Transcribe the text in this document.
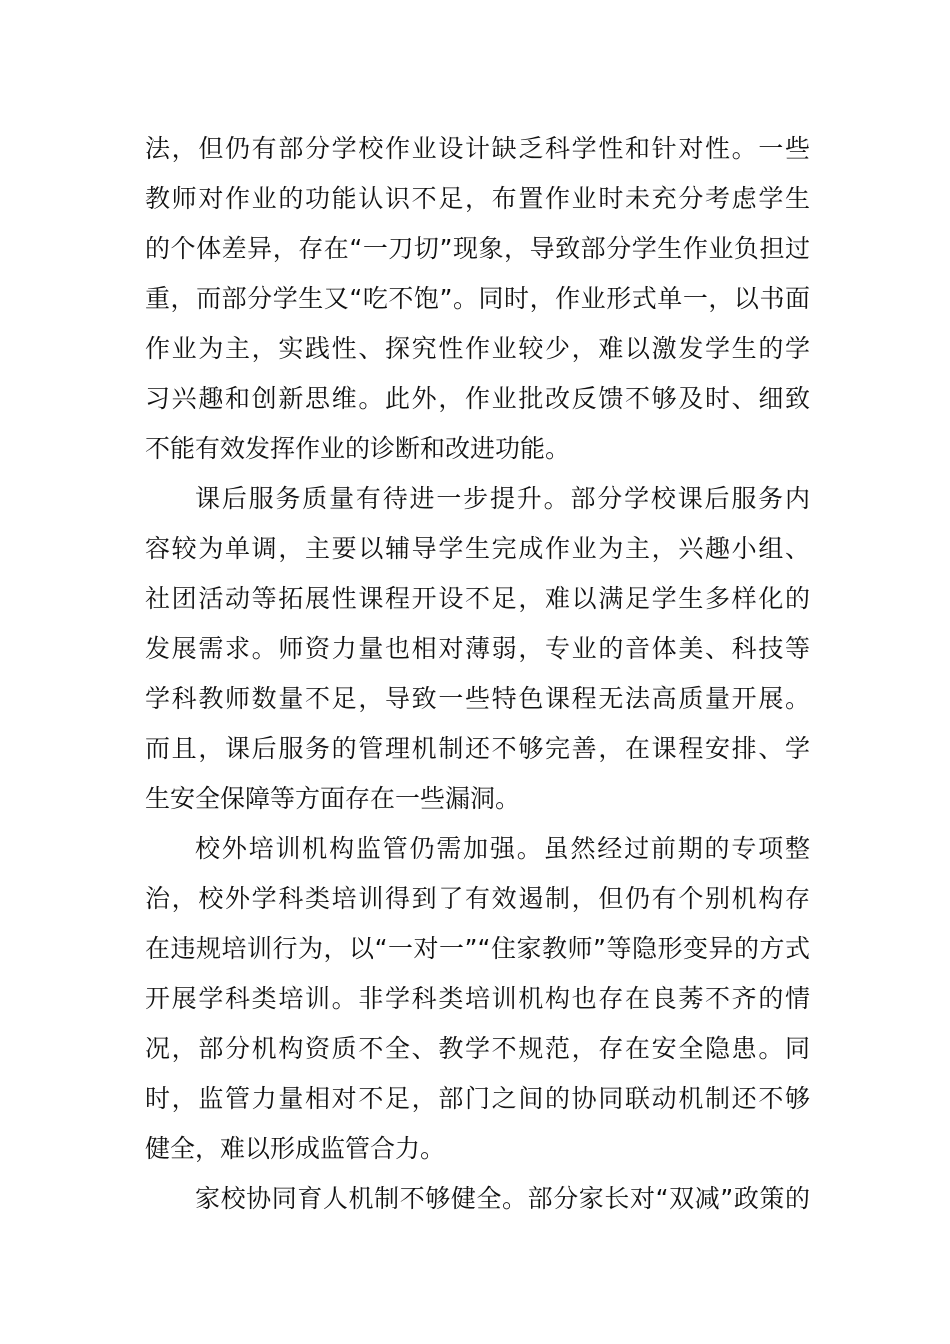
法，但仍有部分学校作业设计缺乏科学性和针对性。一些
教师对作业的功能认识不足，布置作业时未充分考虑学生
的个体差异，存在“一刀切”现象，导致部分学生作业负担过
重，而部分学生又“吃不饱”。同时，作业形式单一，以书面
作业为主，实践性、探究性作业较少，难以激发学生的学
习兴趣和创新思维。此外，作业批改反馈不够及时、细致
不能有效发挥作业的诊断和改进功能。
课后服务质量有待进一步提升。部分学校课后服务内
容较为单调，主要以辅导学生完成作业为主，兴趣小组、
社团活动等拓展性课程开设不足，难以满足学生多样化的
发展需求。师资力量也相对薄弱，专业的音体美、科技等
学科教师数量不足，导致一些特色课程无法高质量开展。
而且，课后服务的管理机制还不够完善，在课程安排、学
生安全保障等方面存在一些漏洞。
校外培训机构监管仍需加强。虽然经过前期的专项整
治，校外学科类培训得到了有效遏制，但仍有个别机构存
在违规培训行为，以“一对一”“住家教师”等隐形变异的方式
开展学科类培训。非学科类培训机构也存在良莠不齐的情
况，部分机构资质不全、教学不规范，存在安全隐患。同
时，监管力量相对不足，部门之间的协同联动机制还不够
健全，难以形成监管合力。
家校协同育人机制不够健全。部分家长对“双减”政策的
